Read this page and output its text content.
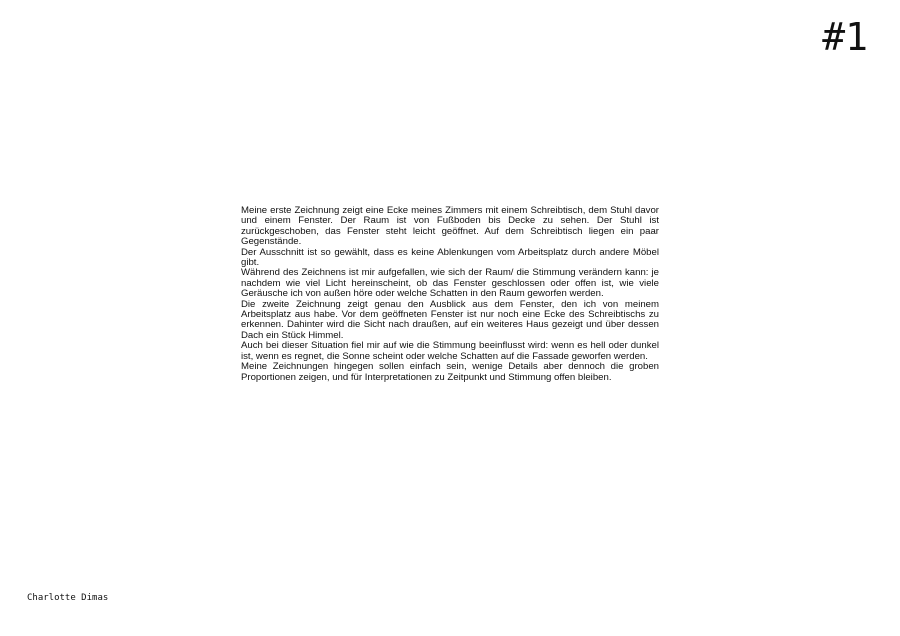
#1

Meine erste Zeichnung zeigt eine Ecke meines Zimmers mit einem Schreibtisch, dem Stuhl davor und einem Fenster. Der Raum ist von Fußboden bis Decke zu sehen. Der Stuhl ist zurückgeschoben, das Fenster steht leicht geöffnet. Auf dem Schreibtisch liegen ein paar Gegenstände.

Der Ausschnitt ist so gewählt, dass es keine Ablenkungen vom Arbeitsplatz durch andere Möbel gibt.

Während des Zeichnens ist mir aufgefallen, wie sich der Raum/ die Stimmung verändern kann: je nachdem wie viel Licht hereinscheint, ob das Fenster geschlossen oder offen ist, wie viele Geräusche ich von außen höre oder welche Schatten in den Raum geworfen werden.

Die zweite Zeichnung zeigt genau den Ausblick aus dem Fenster, den ich von meinem Arbeitsplatz aus habe. Vor dem geöffneten Fenster ist nur noch eine Ecke des Schreibtischs zu erkennen. Dahinter wird die Sicht nach draußen, auf ein weiteres Haus gezeigt und über dessen Dach ein Stück Himmel.

Auch bei dieser Situation fiel mir auf wie die Stimmung beeinflusst wird: wenn es hell oder dunkel ist, wenn es regnet, die Sonne scheint oder welche Schatten auf die Fassade geworfen werden.

Meine Zeichnungen hingegen sollen einfach sein, wenige Details aber dennoch die groben Proportionen zeigen, und für Interpretationen zu Zeitpunkt und Stimmung offen bleiben.

Charlotte Dimas
